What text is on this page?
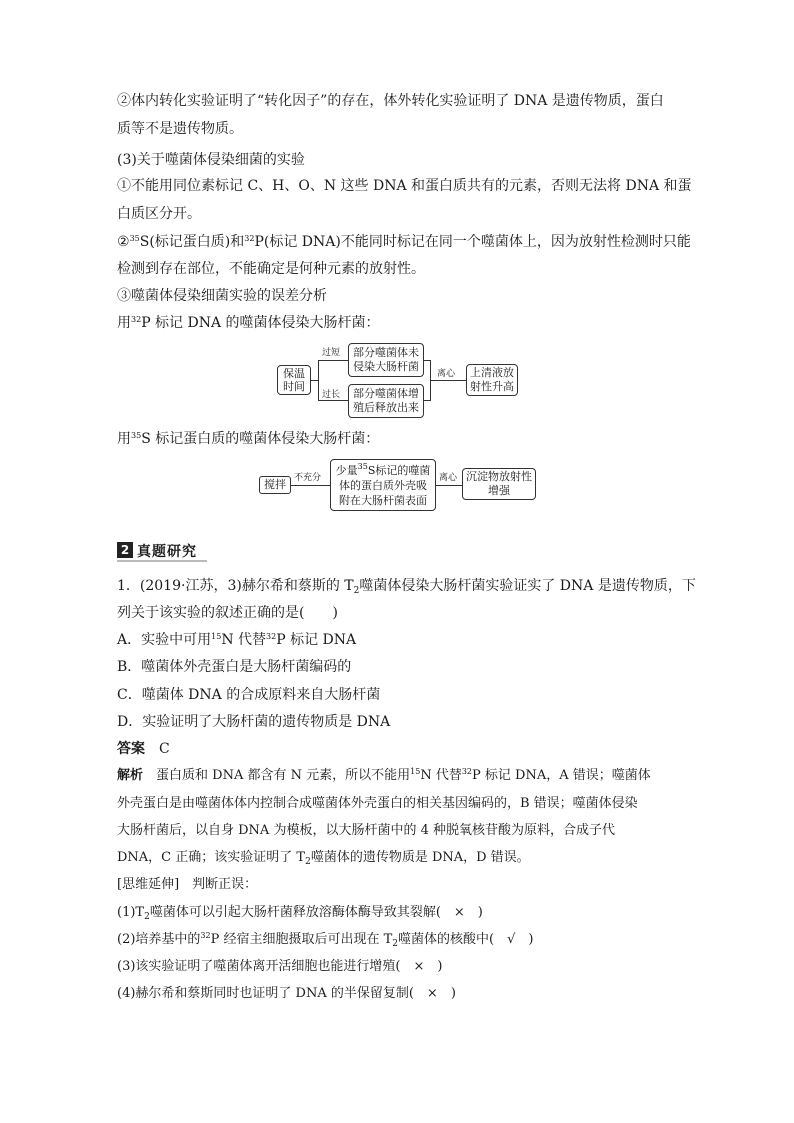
②体内转化实验证明了“转化因子”的存在，体外转化实验证明了 DNA 是遗传物质，蛋白
质等不是遗传物质。
(3)关于噬菌体侵染细菌的实验
①不能用同位素标记 C、H、O、N 这些 DNA 和蛋白质共有的元素，否则无法将 DNA 和蛋
白质区分开。
②$^{35}$S(标记蛋白质)和$^{32}$P(标记 DNA)不能同时标记在同一个噬菌体上，因为放射性检测时只能
检测到存在部位，不能确定是何种元素的放射性。
③噬菌体侵染细菌实验的误差分析
用$^{32}$P 标记 DNA 的噬菌体侵染大肠杆菌：
保温时间
过短
过长
部分噬菌体未侵染大肠杆菌
部分噬菌体增殖后释放出来
离心	上清液放射性升高
用$^{35}$S 标记蛋白质的噬菌体侵染大肠杆菌：
搅拌 不充分
少量$^{35}$S标记的噬菌体的蛋白质外壳吸附在大肠杆菌表面
离心 沉淀物放射性增强
2 真题研究
1．(2019·江苏，3)赫尔希和蔡斯的 $T_2$噬菌体侵染大肠杆菌实验证实了 DNA 是遗传物质，下
列关于该实验的叙述正确的是(　　)
A．实验中可用$^{15}$N 代替$^{32}$P 标记 DNA
B．噬菌体外壳蛋白是大肠杆菌编码的
C．噬菌体 DNA 的合成原料来自大肠杆菌
D．实验证明了大肠杆菌的遗传物质是 DNA
答案　 C
解析　 蛋白质和 DNA 都含有 N 元素，所以不能用$^{15}$N 代替$^{32}$P 标记 DNA，A 错误；噬菌体
外壳蛋白是由噬菌体体内控制合成噬菌体外壳蛋白的相关基因编码的，B 错误；噬菌体侵染
大肠杆菌后，以自身 DNA 为模板，以大肠杆菌中的 4 种脱氧核苷酸为原料，合成子代
DNA，C 正确；该实验证明了 $T_2$噬菌体的遗传物质是 DNA，D 错误。
[思维延伸]　判断正误：
$(1)T_2$噬菌体可以引起大肠杆菌释放溶酶体酶导致其裂解(　×　)
(2)培养基中的$^{32}$P 经宿主细胞摄取后可出现在 $T_2$噬菌体的核酸中(　√　)
(3)该实验证明了噬菌体离开活细胞也能进行增殖(　×　)
(4)赫尔希和蔡斯同时也证明了 DNA 的半保留复制(　×　)
